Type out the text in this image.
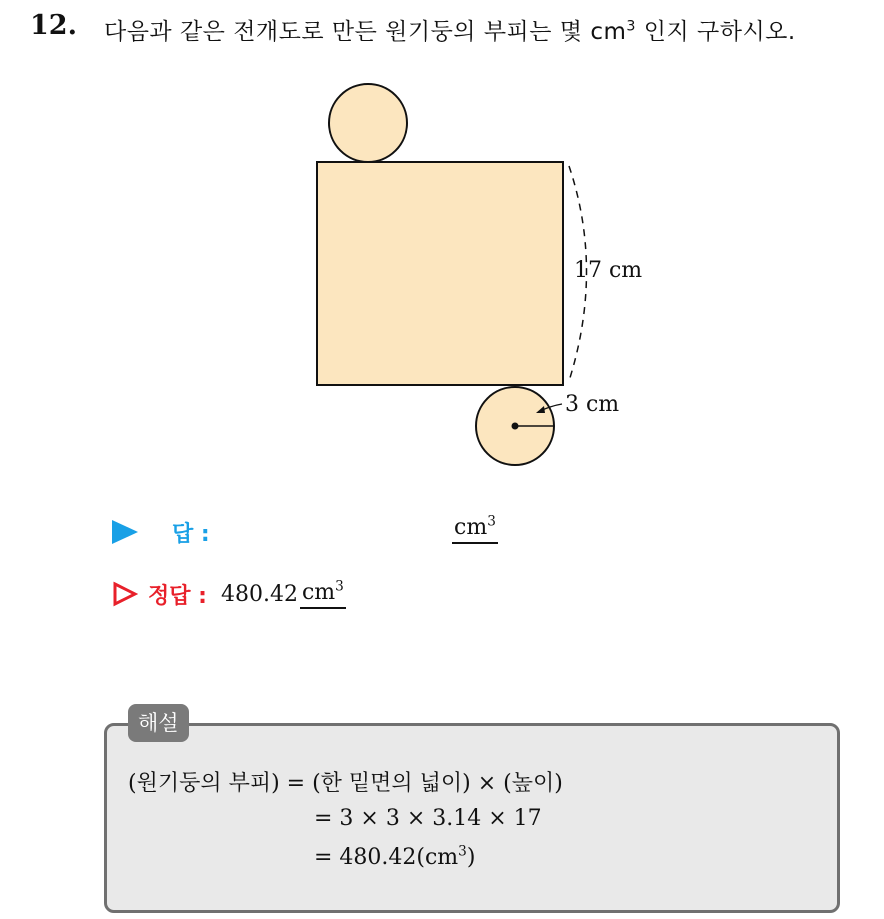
12. 다음과 같은 전개도로 만든 원기둥의 부피는 몇 $cm^3$ 인지 구하시오.
17 cm
3 cm
답 :	$cm^3$
정답 : 480.42 $cm^3$
해설
(원기둥의 부피) = (한 밑면의 넓이) × (높이)
= 3 × 3 × 3.14 × 17
= $480.42(cm^3)$
